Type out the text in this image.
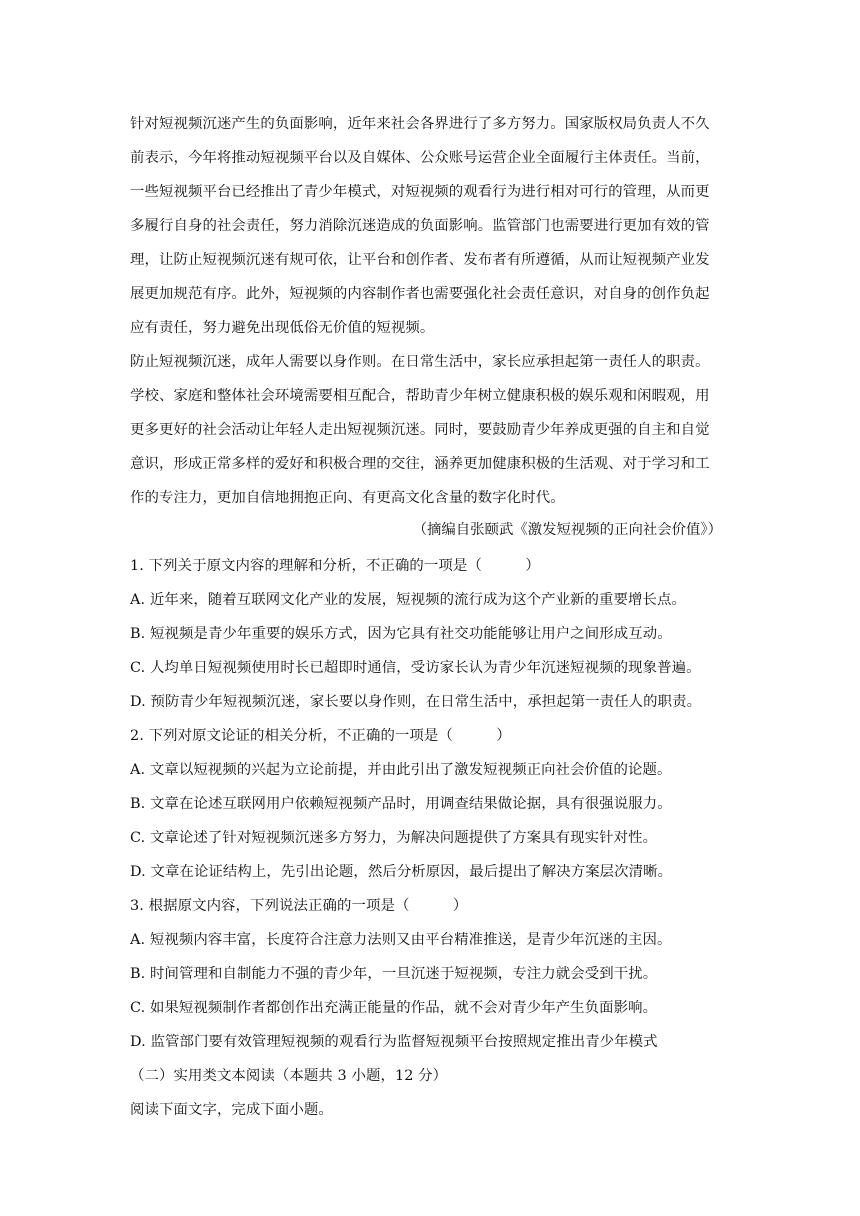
针对短视频沉迷产生的负面影响，近年来社会各界进行了多方努力。国家版权局负责人不久
前表示，今年将推动短视频平台以及自媒体、公众账号运营企业全面履行主体责任。当前，
一些短视频平台已经推出了青少年模式，对短视频的观看行为进行相对可行的管理，从而更
多履行自身的社会责任，努力消除沉迷造成的负面影响。监管部门也需要进行更加有效的管
理，让防止短视频沉迷有规可依，让平台和创作者、发布者有所遵循，从而让短视频产业发
展更加规范有序。此外，短视频的内容制作者也需要强化社会责任意识，对自身的创作负起
应有责任，努力避免出现低俗无价值的短视频。
防止短视频沉迷，成年人需要以身作则。在日常生活中，家长应承担起第一责任人的职责。
学校、家庭和整体社会环境需要相互配合，帮助青少年树立健康积极的娱乐观和闲暇观，用
更多更好的社会活动让年轻人走出短视频沉迷。同时，要鼓励青少年养成更强的自主和自觉
意识，形成正常多样的爱好和积极合理的交往，涵养更加健康积极的生活观、对于学习和工
作的专注力，更加自信地拥抱正向、有更高文化含量的数字化时代。
（摘编自张颐武《激发短视频的正向社会价值》）
1. 下列关于原文内容的理解和分析，不正确的一项是（　　　）
A. 近年来，随着互联网文化产业的发展，短视频的流行成为这个产业新的重要增长点。
B. 短视频是青少年重要的娱乐方式，因为它具有社交功能能够让用户之间形成互动。
C. 人均单日短视频使用时长已超即时通信，受访家长认为青少年沉迷短视频的现象普遍。
D. 预防青少年短视频沉迷，家长要以身作则，在日常生活中，承担起第一责任人的职责。
2. 下列对原文论证的相关分析，不正确的一项是（　　　）
A. 文章以短视频的兴起为立论前提，并由此引出了激发短视频正向社会价值的论题。
B. 文章在论述互联网用户依赖短视频产品时，用调查结果做论据，具有很强说服力。
C. 文章论述了针对短视频沉迷多方努力，为解决问题提供了方案具有现实针对性。
D. 文章在论证结构上，先引出论题，然后分析原因，最后提出了解决方案层次清晰。
3. 根据原文内容，下列说法正确的一项是（　　　）
A. 短视频内容丰富，长度符合注意力法则又由平台精准推送，是青少年沉迷的主因。
B. 时间管理和自制能力不强的青少年，一旦沉迷于短视频，专注力就会受到干扰。
C. 如果短视频制作者都创作出充满正能量的作品，就不会对青少年产生负面影响。
D. 监管部门要有效管理短视频的观看行为监督短视频平台按照规定推出青少年模式
（二）实用类文本阅读（本题共 3 小题，12 分）
阅读下面文字，完成下面小题。
